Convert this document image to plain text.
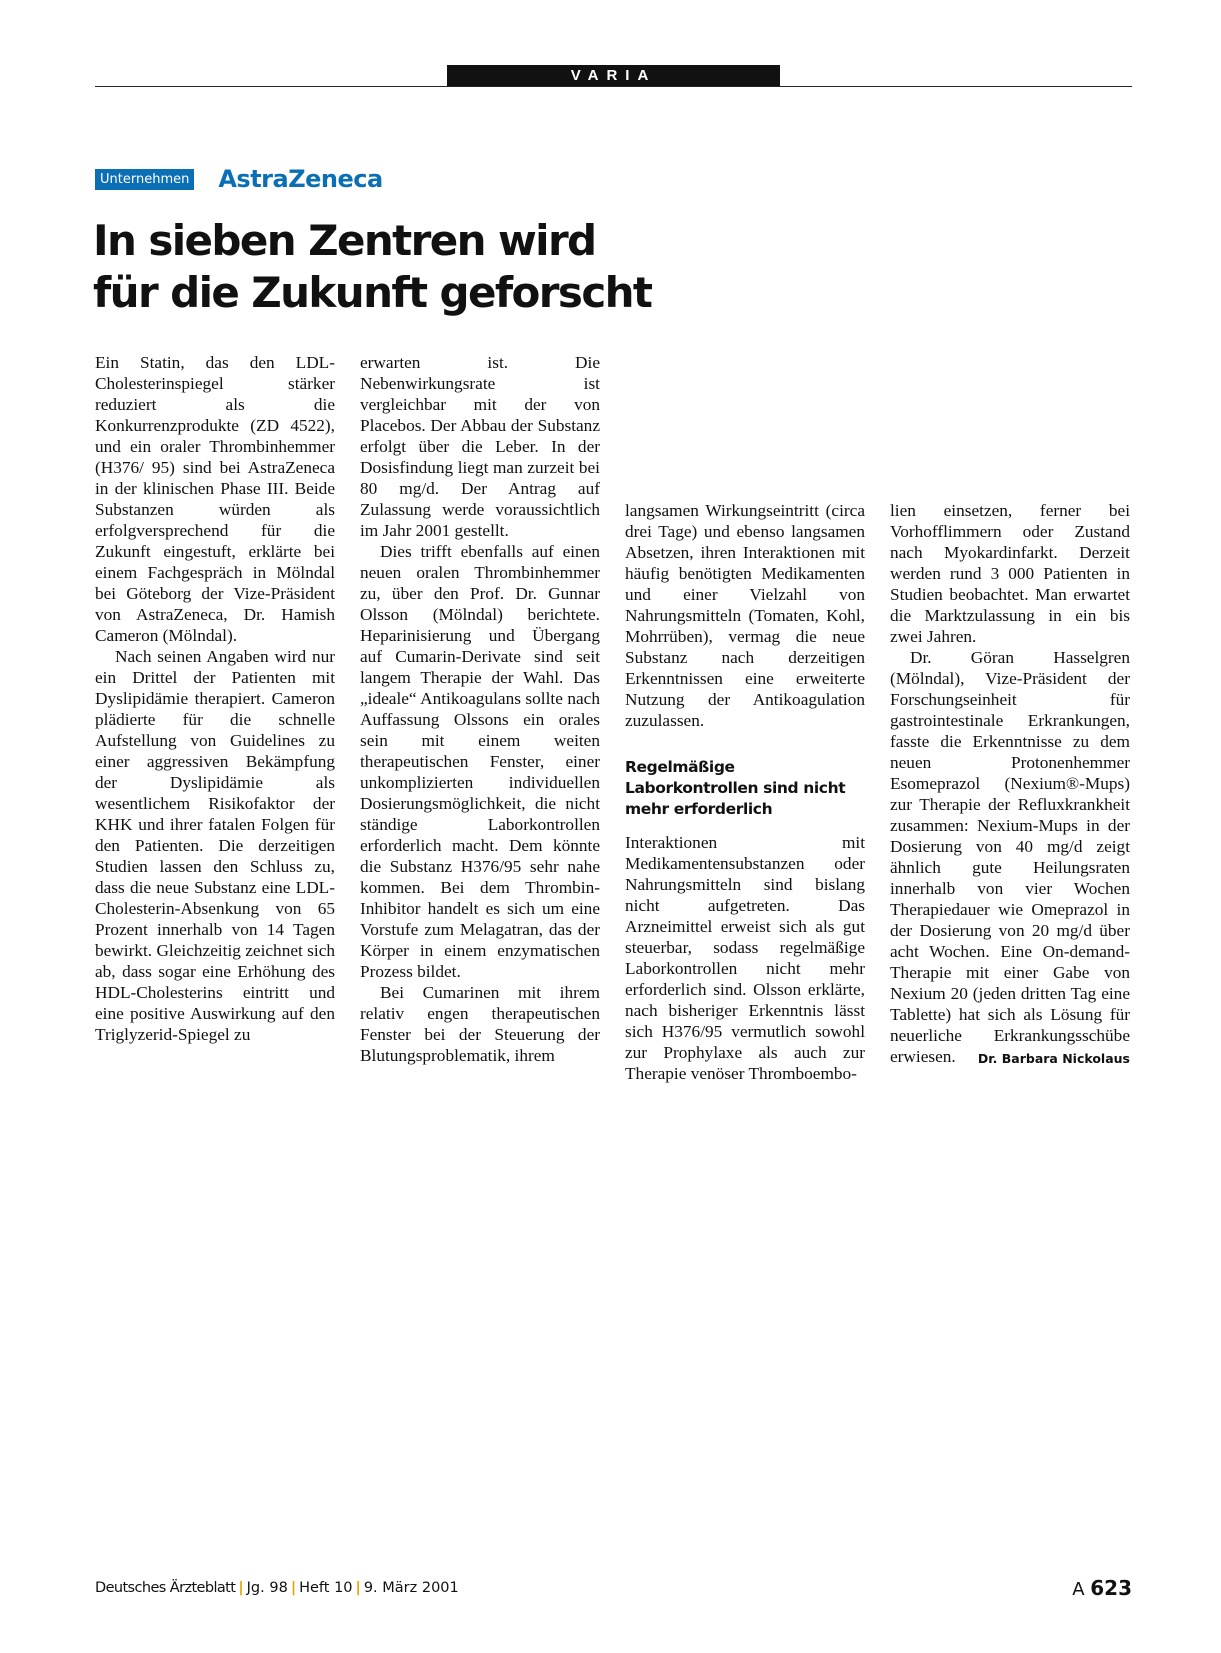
VARIA
Unternehmen AstraZeneca
In sieben Zentren wird
für die Zukunft geforscht

Ein Statin, das den LDL-Cholesterinspiegel stärker reduziert als die Konkurrenzprodukte (ZD 4522), und ein oraler Thrombinhemmer (H376/ 95) sind bei AstraZeneca in der klinischen Phase III. Beide Substanzen würden als erfolgversprechend für die Zukunft eingestuft, erklärte bei einem Fachgespräch in Mölndal bei Göteborg der Vize-Präsident von AstraZeneca, Dr. Hamish Cameron (Mölndal).

Nach seinen Angaben wird nur ein Drittel der Patienten mit Dyslipidämie therapiert. Cameron plädierte für die schnelle Aufstellung von Guidelines zu einer aggressiven Bekämpfung der Dyslipidämie als wesentlichem Risikofaktor der KHK und ihrer fatalen Folgen für den Patienten. Die derzeitigen Studien lassen den Schluss zu, dass die neue Substanz eine LDL-Cholesterin-Absenkung von 65 Prozent innerhalb von 14 Tagen bewirkt. Gleichzeitig zeichnet sich ab, dass sogar eine Erhöhung des HDL-Cholesterins eintritt und eine positive Auswirkung auf den Triglyzerid-Spiegel zu

erwarten ist. Die Nebenwirkungsrate ist vergleichbar mit der von Placebos. Der Abbau der Substanz erfolgt über die Leber. In der Dosisfindung liegt man zurzeit bei 80 mg/d. Der Antrag auf Zulassung werde voraussichtlich im Jahr 2001 gestellt.

Dies trifft ebenfalls auf einen neuen oralen Thrombinhemmer zu, über den Prof. Dr. Gunnar Olsson (Mölndal) berichtete. Heparinisierung und Übergang auf Cumarin-Derivate sind seit langem Therapie der Wahl. Das „ideale“ Antikoagulans sollte nach Auffassung Olssons ein orales sein mit einem weiten therapeutischen Fenster, einer unkomplizierten individuellen Dosierungsmöglichkeit, die nicht ständige Laborkontrollen erforderlich macht. Dem könnte die Substanz H376/95 sehr nahe kommen. Bei dem Thrombin-Inhibitor handelt es sich um eine Vorstufe zum Melagatran, das der Körper in einem enzymatischen Prozess bildet.

Bei Cumarinen mit ihrem relativ engen therapeutischen Fenster bei der Steuerung der Blutungsproblematik, ihrem

langsamen Wirkungseintritt (circa drei Tage) und ebenso langsamen Absetzen, ihren Interaktionen mit häufig benötigten Medikamenten und einer Vielzahl von Nahrungsmitteln (Tomaten, Kohl, Mohrrüben), vermag die neue Substanz nach derzeitigen Erkenntnissen eine erweiterte Nutzung der Antikoagulation zuzulassen.

Regelmäßige Laborkontrollen sind nicht mehr erforderlich

Interaktionen mit Medikamentensubstanzen oder Nahrungsmitteln sind bislang nicht aufgetreten. Das Arzneimittel erweist sich als gut steuerbar, sodass regelmäßige Laborkontrollen nicht mehr erforderlich sind. Olsson erklärte, nach bisheriger Erkenntnis lässt sich H376/95 vermutlich sowohl zur Prophylaxe als auch zur Therapie venöser Thromboembo-

lien einsetzen, ferner bei Vorhofflimmern oder Zustand nach Myokardinfarkt. Derzeit werden rund 3 000 Patienten in Studien beobachtet. Man erwartet die Marktzulassung in ein bis zwei Jahren.

Dr. Göran Hasselgren (Mölndal), Vize-Präsident der Forschungseinheit für gastrointestinale Erkrankungen, fasste die Erkenntnisse zu dem neuen Protonenhemmer Esomeprazol (Nexium®-Mups) zur Therapie der Refluxkrankheit zusammen: Nexium-Mups in der Dosierung von 40 mg/d zeigt ähnlich gute Heilungsraten innerhalb von vier Wochen Therapiedauer wie Omeprazol in der Dosierung von 20 mg/d über acht Wochen. Eine On-demand-Therapie mit einer Gabe von Nexium 20 (jeden dritten Tag eine Tablette) hat sich als Lösung für neuerliche Erkrankungsschübe erwiesen.	Dr. Barbara Nickolaus

Deutsches Ärzteblatt | Jg. 98 | Heft 10 | 9. März 2001	A 623
